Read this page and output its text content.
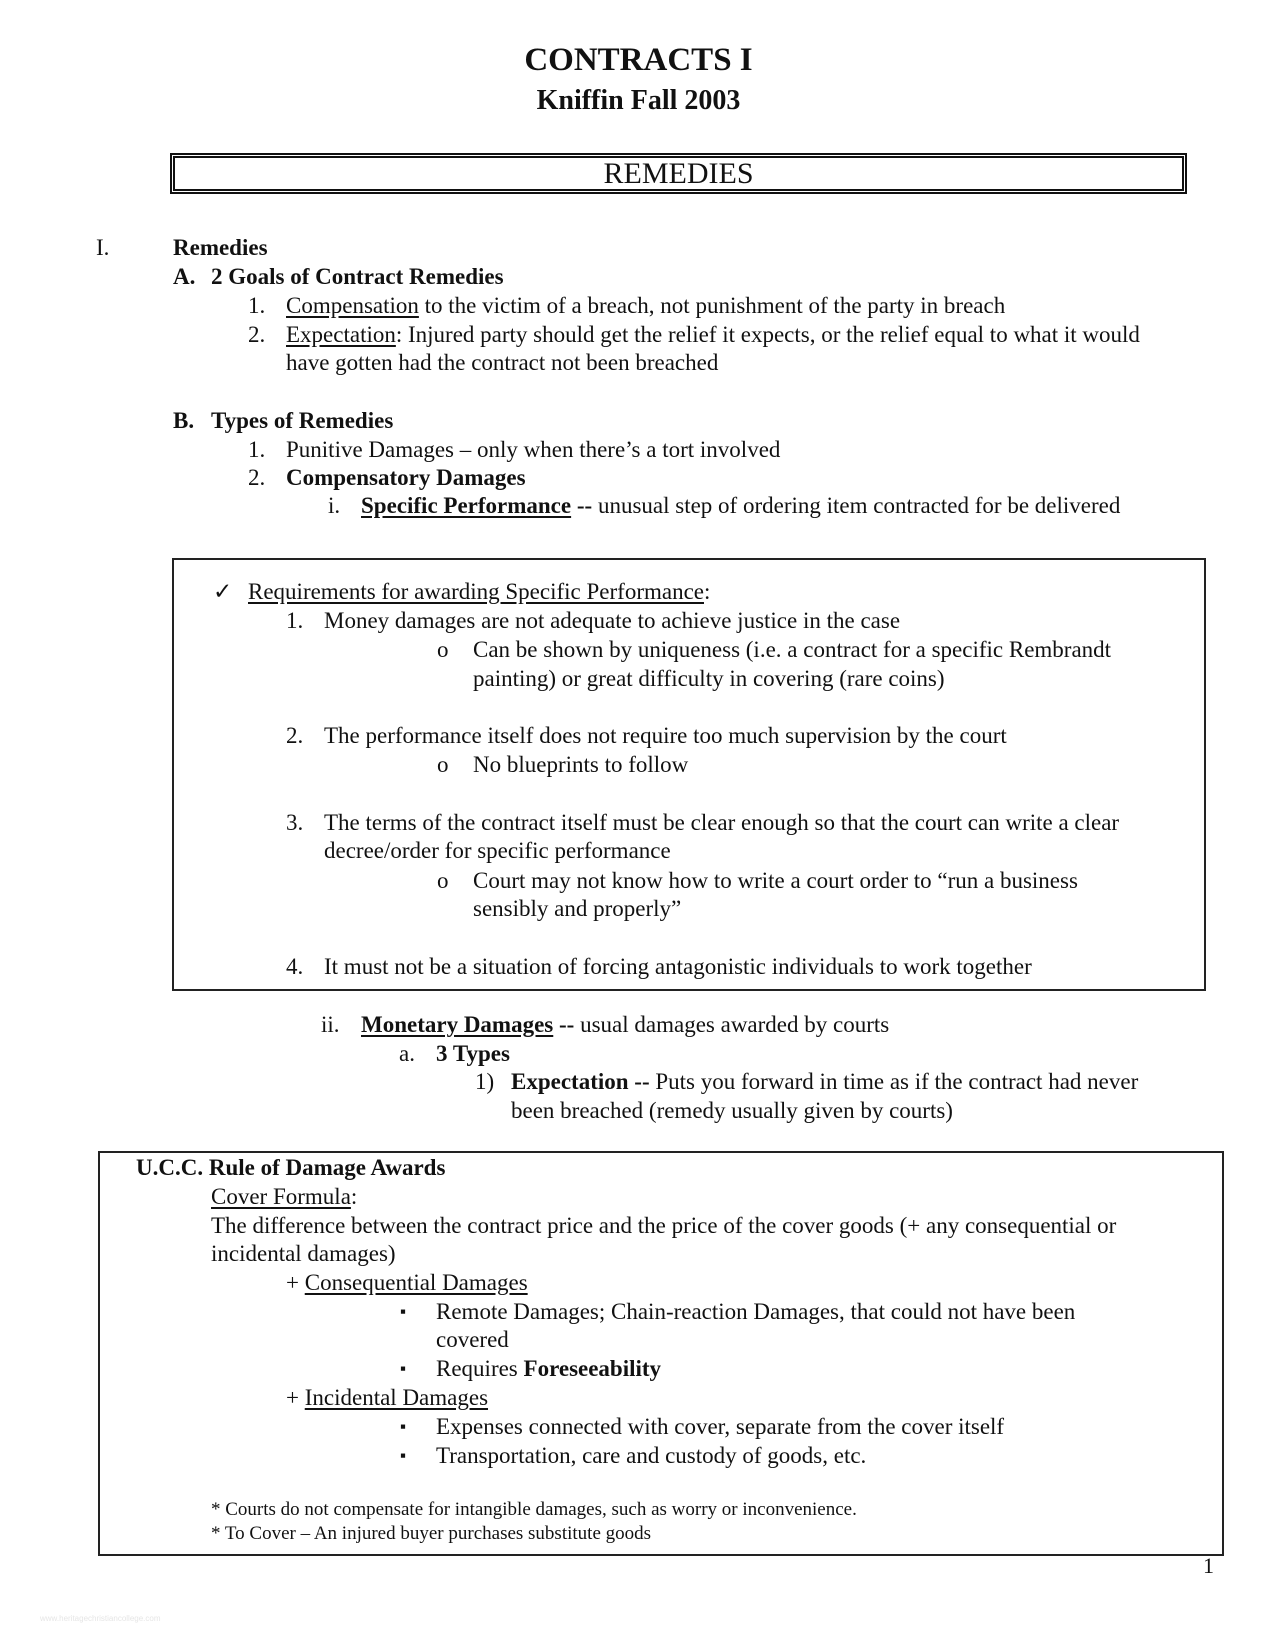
CONTRACTS I
Kniffin Fall 2003
REMEDIES
I.	Remedies
A. 2 Goals of Contract Remedies
1. Compensation to the victim of a breach, not punishment of the party in breach
2. Expectation: Injured party should get the relief it expects, or the relief equal to what it would
have gotten had the contract not been breached
B. Types of Remedies
1. Punitive Damages – only when there’s a tort involved
2. Compensatory Damages
i. Specific Performance -- unusual step of ordering item contracted for be delivered
✓ Requirements for awarding Specific Performance:
1. Money damages are not adequate to achieve justice in the case
o Can be shown by uniqueness (i.e. a contract for a specific Rembrandt
painting) or great difficulty in covering (rare coins)
2. The performance itself does not require too much supervision by the court
o No blueprints to follow
3. The terms of the contract itself must be clear enough so that the court can write a clear
decree/order for specific performance
o Court may not know how to write a court order to “run a business
sensibly and properly”
4. It must not be a situation of forcing antagonistic individuals to work together
ii. Monetary Damages -- usual damages awarded by courts
a. 3 Types
1) Expectation -- Puts you forward in time as if the contract had never
been breached (remedy usually given by courts)
U.C.C. Rule of Damage Awards
Cover Formula:
The difference between the contract price and the price of the cover goods (+ any consequential or
incidental damages)
+ Consequential Damages
▪ Remote Damages; Chain-reaction Damages, that could not have been
covered
▪ Requires Foreseeability
+ Incidental Damages
▪ Expenses connected with cover, separate from the cover itself
▪ Transportation, care and custody of goods, etc.
* Courts do not compensate for intangible damages, such as worry or inconvenience.
* To Cover – An injured buyer purchases substitute goods
1
www.heritagechristiancollege.com
